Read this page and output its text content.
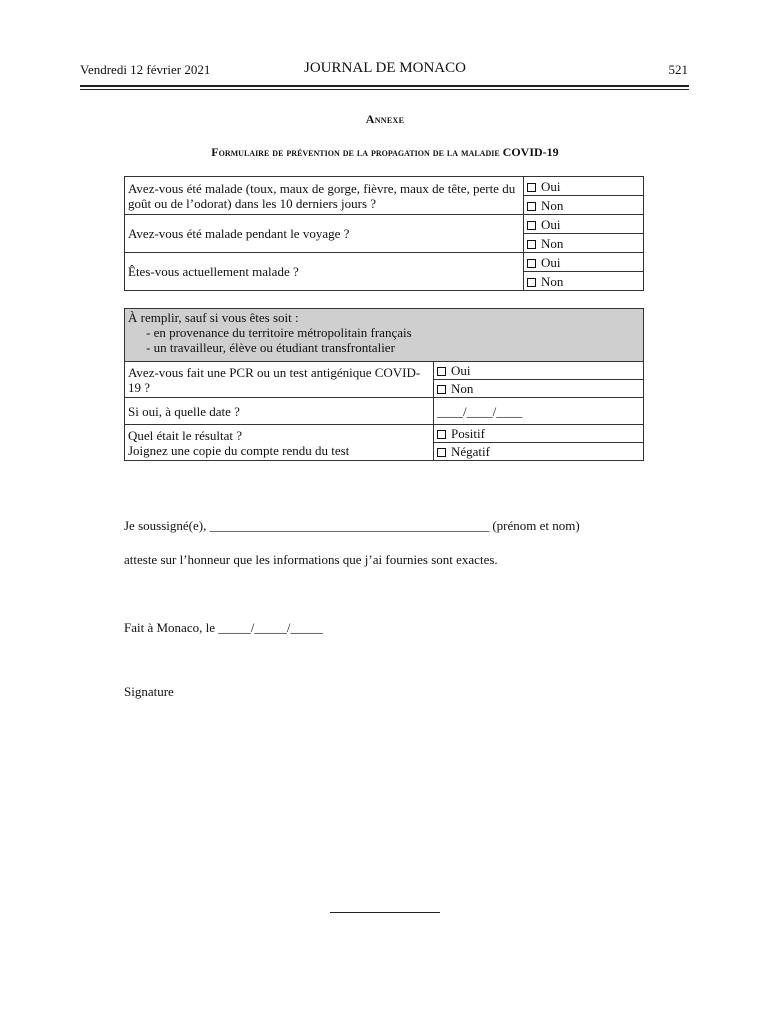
Vendredi 12 février 2021	JOURNAL DE MONACO	521
Annexe
Formulaire de prévention de la propagation de la maladie COVID-19
Avez-vous été malade (toux, maux de gorge, fièvre, maux de tête, perte du goût ou de l’odorat) dans les 10 derniers jours ?	Oui
	Non
Avez-vous été malade pendant le voyage ?	Oui
	Non
Êtes-vous actuellement malade ?	Oui
	Non
À remplir, sauf si vous êtes soit :
- en provenance du territoire métropolitain français
- un travailleur, élève ou étudiant transfrontalier	

Avez-vous fait une PCR ou un test antigénique COVID-19 ?	Oui
	Non
Si oui, à quelle date ?	____/____/____

Quel était le résultat ?
Joignez une copie du compte rendu du test	Positif
	Négatif
Je soussigné(e), ___________________________________________ (prénom et nom)
atteste sur l’honneur que les informations que j’ai fournies sont exactes.
Fait à Monaco, le _____/_____/_____
Signature
